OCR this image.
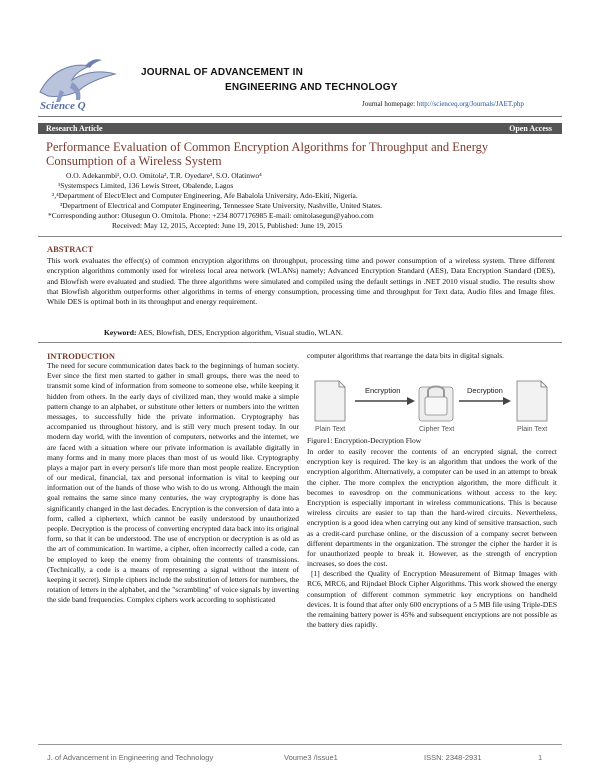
Science Q
JOURNAL OF ADVANCEMENT IN
ENGINEERING AND TECHNOLOGY
Journal homepage: http://scienceq.org/Journals/JAET.php
Research Article	Open Access
Performance Evaluation of Common Encryption Algorithms for Throughput and Energy Consumption of a Wireless System
O.O. Adekanmbi¹, O.O. Omitola², T.R. Oyedare³, S.O. Olatinwo⁴
¹Systemspecs Limited, 136 Lewis Street, Obalende, Lagos
²,⁴Department of Elect/Elect and Computer Engineering, Afe Babalola University, Ado-Ekiti, Nigeria.
³Department of Electrical and Computer Engineering, Tennessee State University, Nashville, United States.
*Corresponding author: Olusegun O. Omitola. Phone: +234 8077176985 E-mail: omitolasegun@yahoo.com
Received: May 12, 2015, Accepted: June 19, 2015, Published: June 19, 2015
ABSTRACT
This work evaluates the effect(s) of common encryption algorithms on throughput, processing time and power consumption of a wireless system. Three different encryption algorithms commonly used for wireless local area network (WLANs) namely; Advanced Encryption Standard (AES), Data Encryption Standard (DES), and Blowfish were evaluated and studied. The three algorithms were simulated and compiled using the default settings in .NET 2010 visual studio. The results show that Blowfish algorithm outperforms other algorithms in terms of energy consumption, processing time and throughput for Text data, Audio files and Image files. While DES is optimal both in its throughput and energy requirement.
Keyword: AES, Blowfish, DES, Encryption algorithm, Visual studio, WLAN.
INTRODUCTION
The need for secure communication dates back to the beginnings of human society. Ever since the first men started to gather in small groups, there was the need to transmit some kind of information from someone to someone else, while keeping it hidden from others. In the early days of civilized man, they would make a simple pattern change to an alphabet, or substitute other letters or numbers into the written messages, to successfully hide the private information. Cryptography has accompanied us throughout history, and is still very much present today. In our modern day world, with the invention of computers, networks and the internet, we are faced with a situation where our private information is available digitally in many forms and in many more places than most of us would like. Cryptography plays a major part in every person's life more than most people realize. Encryption of our medical, financial, tax and personal information is vital to keeping our information out of the hands of those who wish to do us wrong. Although the main goal remains the same since many centuries, the way cryptography is done has significantly changed in the last decades. Encryption is the conversion of data into a form, called a ciphertext, which cannot be easily understood by unauthorized people. Decryption is the process of converting encrypted data back into its original form, so that it can be understood. The use of encryption or decryption is as old as the art of communication. In wartime, a cipher, often incorrectly called a code, can be employed to keep the enemy from obtaining the contents of transmissions. (Technically, a code is a means of representing a signal without the intent of keeping it secret). Simple ciphers include the substitution of letters for numbers, the rotation of letters in the alphabet, and the "scrambling" of voice signals by inverting the side band frequencies. Complex ciphers work according to sophisticated
computer algorithms that rearrange the data bits in digital signals.
Encryption	Decryption
Plain Text	Cipher Text	Plain Text
Figure1: Encryption-Decryption Flow

In order to easily recover the contents of an encrypted signal, the correct encryption key is required. The key is an algorithm that undoes the work of the encryption algorithm. Alternatively, a computer can be used in an attempt to break the cipher. The more complex the encryption algorithm, the more difficult it becomes to eavesdrop on the communications without access to the key. Encryption is especially important in wireless communications. This is because wireless circuits are easier to tap than the hard-wired circuits. Nevertheless, encryption is a good idea when carrying out any kind of sensitive transaction, such as a credit-card purchase online, or the discussion of a company secret between different departments in the organization. The stronger the cipher the harder it is for unauthorized people to break it. However, as the strength of encryption increases, so does the cost.

[1] described the Quality of Encryption Measurement of Bitmap Images with RC6, MRC6, and Rijndael Block Cipher Algorithms. This work showed the energy consumption of different common symmetric key encryptions on handheld devices. It is found that after only 600 encryptions of a 5 MB file using Triple-DES the remaining battery power is 45% and subsequent encryptions are not possible as the battery dies rapidly.

J. of Advancement in Engineering and Technology	Voume3 /Issue1	ISSN: 2348-2931	1
